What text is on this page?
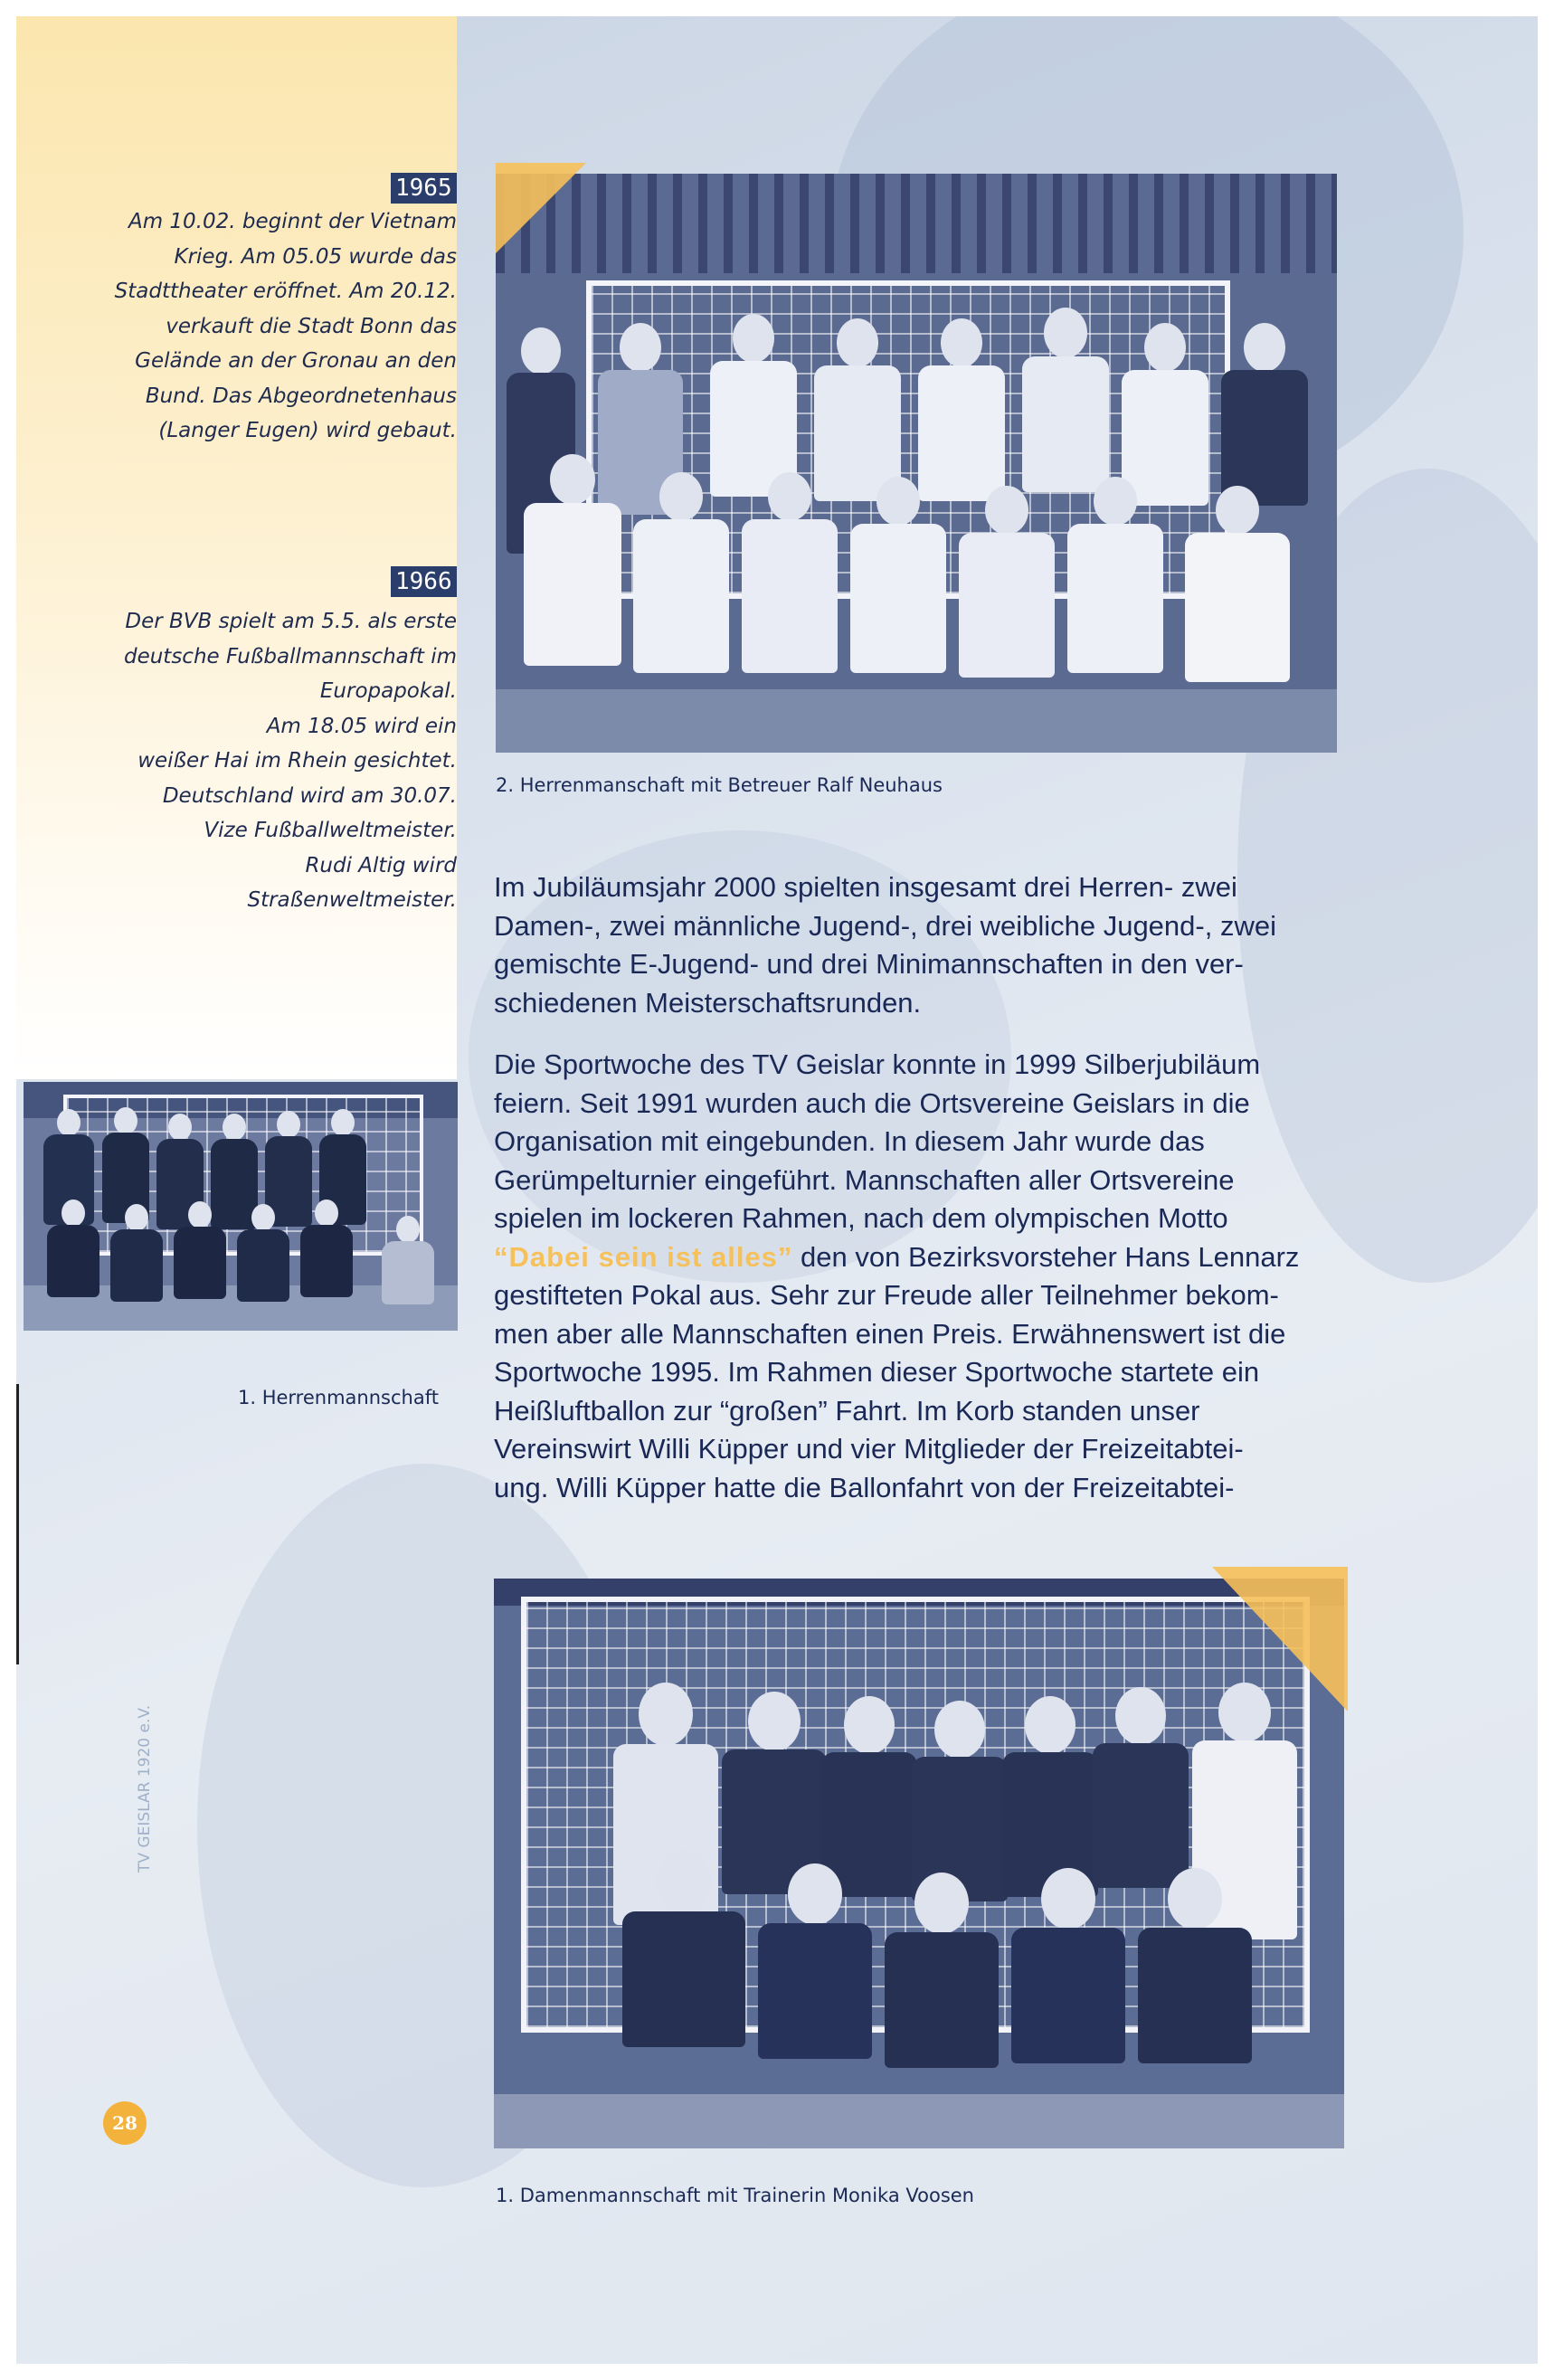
1965
Am 10.02. beginnt der Vietnam
Krieg. Am 05.05 wurde das
Stadttheater eröffnet. Am 20.12.
verkauft die Stadt Bonn das
Gelände an der Gronau an den
Bund. Das Abgeordnetenhaus
(Langer Eugen) wird gebaut.
1966
Der BVB spielt am 5.5. als erste
deutsche Fußballmannschaft im
Europapokal.
Am 18.05 wird ein
weißer Hai im Rhein gesichtet.
Deutschland wird am 30.07.
Vize Fußballweltmeister.
Rudi Altig wird
Straßenweltmeister.
2. Herrenmanschaft mit Betreuer Ralf Neuhaus
1. Herrenmannschaft
Im Jubiläumsjahr 2000 spielten insgesamt drei Herren- zwei
Damen-, zwei männliche Jugend-, drei weibliche Jugend-, zwei
gemischte E-Jugend- und drei Minimannschaften in den ver-
schiedenen Meisterschaftsrunden.
Die Sportwoche des TV Geislar konnte in 1999 Silberjubiläum
feiern. Seit 1991 wurden auch die Ortsvereine Geislars in die
Organisation mit eingebunden. In diesem Jahr wurde das
Gerümpelturnier eingeführt. Mannschaften aller Ortsvereine
spielen im lockeren Rahmen, nach dem olympischen Motto
“Dabei sein ist alles” den von Bezirksvorsteher Hans Lennarz
gestifteten Pokal aus. Sehr zur Freude aller Teilnehmer bekom-
men aber alle Mannschaften einen Preis. Erwähnenswert ist die
Sportwoche 1995. Im Rahmen dieser Sportwoche startete ein
Heißluftballon zur “großen” Fahrt. Im Korb standen unser
Vereinswirt Willi Küpper und vier Mitglieder der Freizeitabtei-
ung. Willi Küpper hatte die Ballonfahrt von der Freizeitabtei-
1. Damenmannschaft mit Trainerin Monika Voosen
TV GEISLAR 1920 e.V.
28
